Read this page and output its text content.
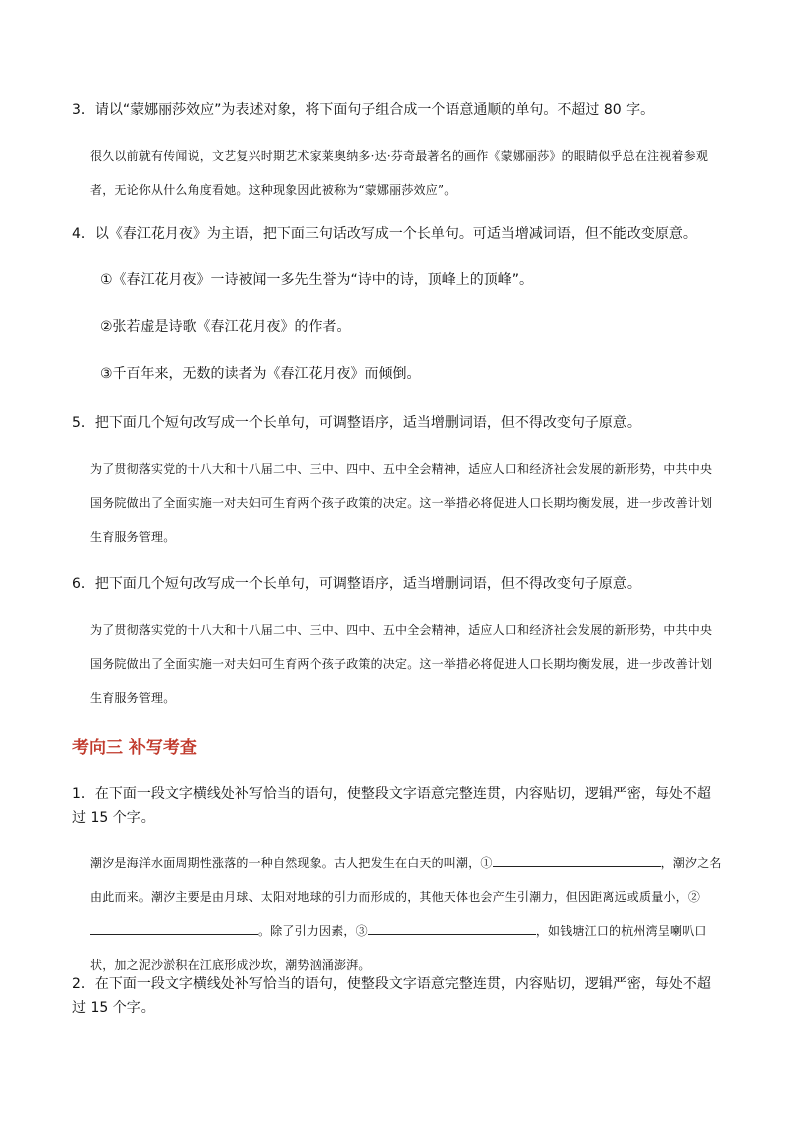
3．请以“蒙娜丽莎效应”为表述对象，将下面句子组合成一个语意通顺的单句。不超过 80 字。

很久以前就有传闻说，文艺复兴时期艺术家莱奥纳多·达·芬奇最著名的画作《蒙娜丽莎》的眼睛似乎总在注视着参观者，无论你从什么角度看她。这种现象因此被称为“蒙娜丽莎效应”。

4．以《春江花月夜》为主语，把下面三句话改写成一个长单句。可适当增减词语，但不能改变原意。

①《春江花月夜》一诗被闻一多先生誉为“诗中的诗，顶峰上的顶峰”。

②张若虚是诗歌《春江花月夜》的作者。

③千百年来，无数的读者为《春江花月夜》而倾倒。

5．把下面几个短句改写成一个长单句，可调整语序，适当增删词语，但不得改变句子原意。

为了贯彻落实党的十八大和十八届二中、三中、四中、五中全会精神，适应人口和经济社会发展的新形势，中共中央国务院做出了全面实施一对夫妇可生育两个孩子政策的决定。这一举措必将促进人口长期均衡发展，进一步改善计划生育服务管理。

6．把下面几个短句改写成一个长单句，可调整语序，适当增删词语，但不得改变句子原意。

为了贯彻落实党的十八大和十八届二中、三中、四中、五中全会精神，适应人口和经济社会发展的新形势，中共中央国务院做出了全面实施一对夫妇可生育两个孩子政策的决定。这一举措必将促进人口长期均衡发展，进一步改善计划生育服务管理。

考向三 补写考查

1．在下面一段文字横线处补写恰当的语句，使整段文字语意完整连贯，内容贴切，逻辑严密，每处不超过 15 个字。

潮汐是海洋水面周期性涨落的一种自然现象。古人把发生在白天的叫潮，①	，潮汐之名由此而来。潮汐主要是由月球、太阳对地球的引力而形成的，其他天体也会产生引潮力，但因距离远或质量小，②。除了引力因素，③	，如钱塘江口的杭州湾呈喇叭口状，加之泥沙淤积在江底形成沙坎，潮势汹涌澎湃。

2．在下面一段文字横线处补写恰当的语句，使整段文字语意完整连贯，内容贴切，逻辑严密，每处不超过 15 个字。
